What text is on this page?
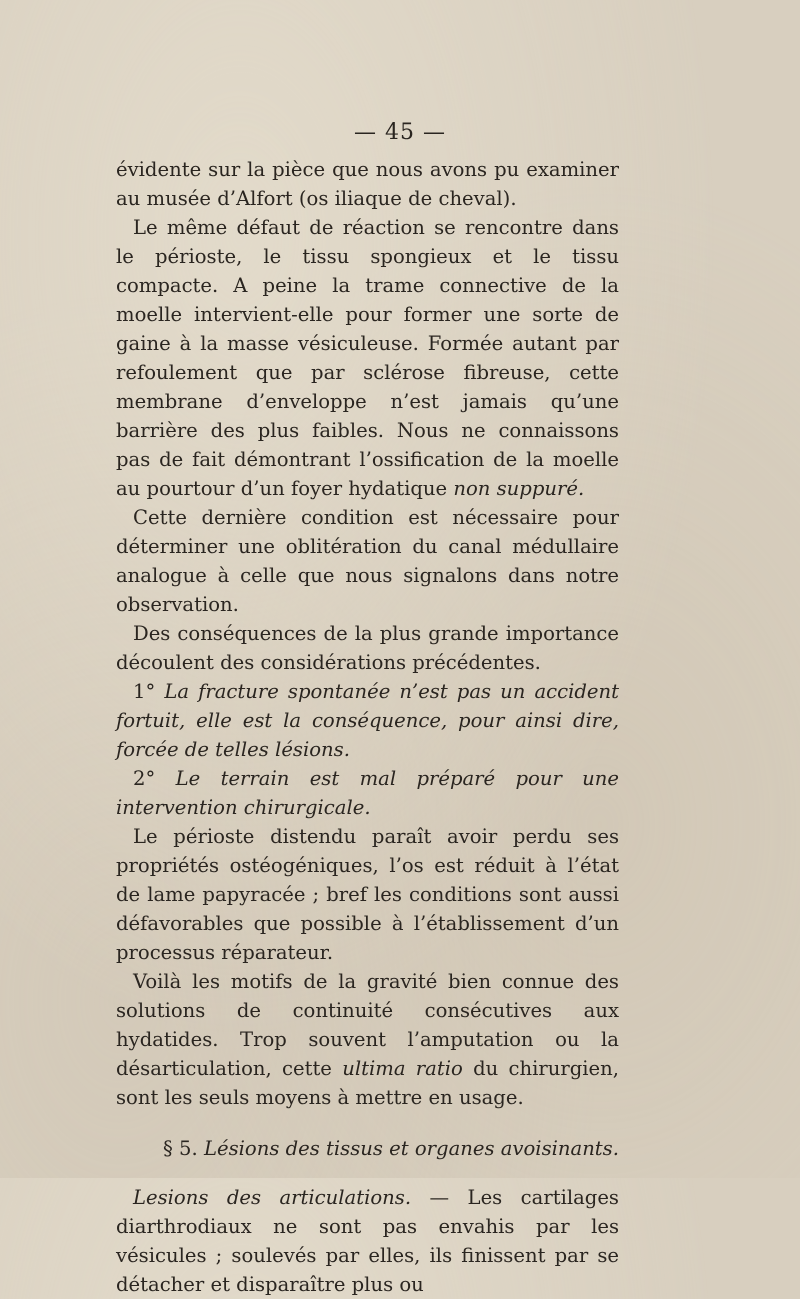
— 45 —

évidente sur la pièce que nous avons pu examiner au musée d’Alfort (os iliaque de cheval).

Le même défaut de réaction se rencontre dans le périoste, le tissu spongieux et le tissu compacte. A peine la trame connective de la moelle intervient-elle pour former une sorte de gaine à la masse vésiculeuse. Formée autant par refoulement que par sclérose fibreuse, cette membrane d’enveloppe n’est jamais qu’une barrière des plus faibles. Nous ne connaissons pas de fait démontrant l’ossification de la moelle au pourtour d’un foyer hydatique non suppuré.

Cette dernière condition est nécessaire pour déterminer une oblitération du canal médullaire analogue à celle que nous signalons dans notre observation.

Des conséquences de la plus grande importance découlent des considérations précédentes.

1° La fracture spontanée n’est pas un accident fortuit, elle est la conséquence, pour ainsi dire, forcée de telles lésions.

2° Le terrain est mal préparé pour une intervention chirurgicale.

Le périoste distendu paraît avoir perdu ses propriétés ostéogéniques, l’os est réduit à l’état de lame papyracée ; bref les conditions sont aussi défavorables que possible à l’établissement d’un processus réparateur.

Voilà les motifs de la gravité bien connue des solutions de continuité consécutives aux hydatides. Trop souvent l’amputation ou la désarticulation, cette ultima ratio du chirurgien, sont les seuls moyens à mettre en usage.

§ 5. Lésions des tissus et organes avoisinants.

Lesions des articulations. — Les cartilages diarthrodiaux ne sont pas envahis par les vésicules ; soulevés par elles, ils finissent par se détacher et disparaître plus ou
